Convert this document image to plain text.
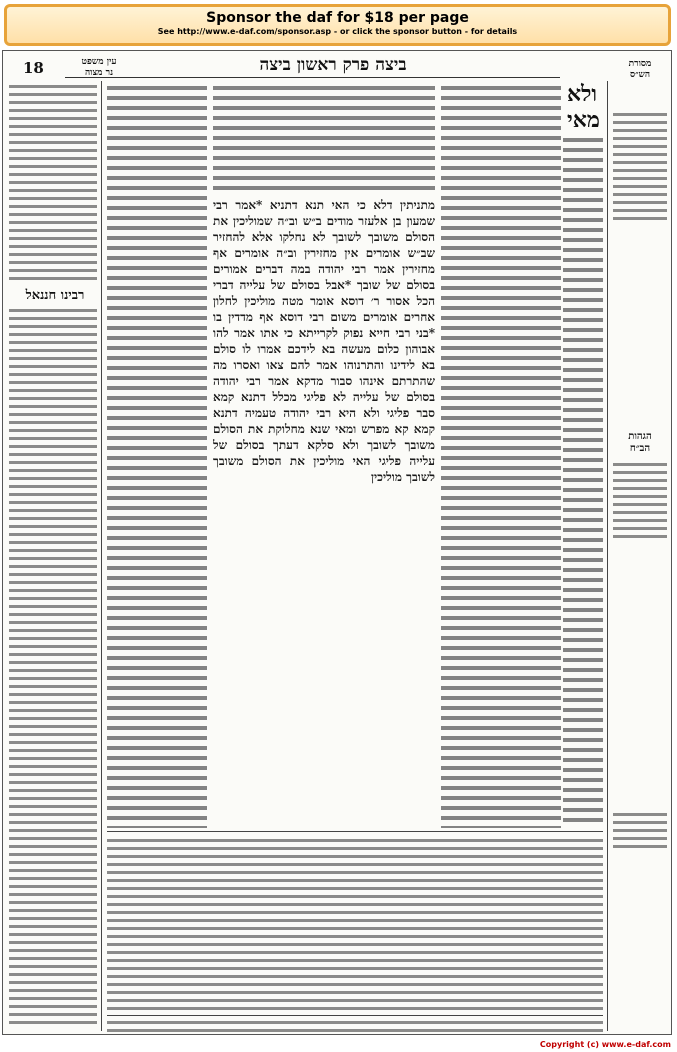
Sponsor the daf for $18 per page
See http://www.e-daf.com/sponsor.asp - or click the sponsor button - for details
18	ביצה פרק ראשון ביצה
עין משפט
נר מצוה
מסורת
הש״ס
רבינו חננאל
מתניתין דלא כי האי תנא דתניא *אמר רבי שמעון בן אלעזר מודים ב״ש וב״ה שמוליכין את הסולם משובך לשובך לא נחלקו אלא להחזיר שב״ש אומרים אין מחזירין וב״ה אומרים אף מחזירין אמר רבי יהודה במה דברים אמורים בסולם של שובך *אבל בסולם של עלייה דברי הכל אסור ר׳ דוסא אומר מטה מוליכין לחלון אחרים אומרים משום רבי דוסא אף מדדין בו *בני רבי חייא נפוק לקרייתא כי אתו אמר להו אבוהון כלום מעשה בא לידכם אמרו לו סולם בא לידינו והתרנוהו אמר להם צאו ואסרו מה שהתרתם אינהו סבור מדקא אמר רבי יהודה בסולם של עלייה לא פליגי מכלל דתנא קמא סבר פליגי ולא היא רבי יהודה טעמיה דתנא קמא קא מפרש ומאי שנא מחלוקת את הסולם משובך לשובך ולא סלקא דעתך בסולם של עלייה פליגי האי מוליכין את הסולם משובך לשובך מוליכין
ולא
מאי
הגהות
הב״ח
Copyright (c) www.e-daf.com
